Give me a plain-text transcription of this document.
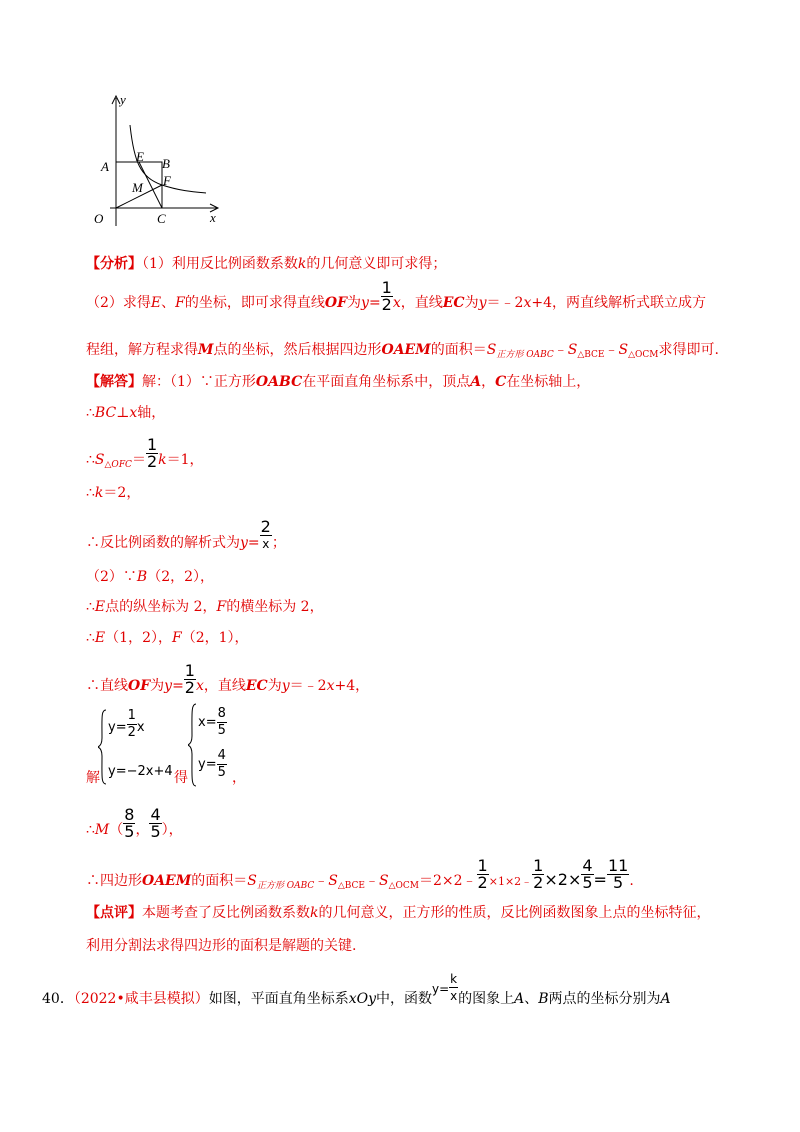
y
x
O
A
E B
M F
C
【分析】（1）利用反比例函数系数k的几何意义即可求得；
（2）求得E、F的坐标，即可求得直线OF为$y= \frac{1}{2}$ x，直线EC为y＝﹣2x+4，两直线解析式联立成方
程组，解方程求得M点的坐标，然后根据四边形OAEM的面积$=S_{正方形 OABC}﹣S_{\triangle BCE}﹣S_{\triangle OCM}$求得即可.
【解答】解：（1）∵正方形OABC在平面直角坐标系中，顶点A，C在坐标轴上，
∴BC⊥x轴，
$\therefore S_{\triangle OFC}= \frac{1}{2} k=1$，
∴k＝2，
∴反比例函数的解析式为$y= \frac{2}{x}$ ；
（2）∵B（2，2），
∴E点的纵坐标为 2，F的横坐标为 2，
∴E（1，2），F（2，1），
∴直线OF为$y= \frac{1}{2}$ x，直线EC为y＝﹣2x+4，
解
$y= \frac{1}{2}$ x
y=−2x+4 得
$x= \frac{8}{5}$
$y= \frac{4}{5}$ ，
∴M（ $\frac{8}{5}$ ， $\frac{4}{5}$ ），
∴四边形OAEM的面积$=S_{正方形 OABC}﹣S_{\triangle BCE}﹣S_{\triangle OCM}=2\times 2﹣ \frac{1}{2}$ ×1×2﹣ $\frac{1}{2} \times 2\times \frac{4}{5} = \frac{11}{5}$ .
【点评】本题考查了反比例函数系数k的几何意义，正方形的性质，反比例函数图象上点的坐标特征，
利用分割法求得四边形的面积是解题的关键.
40．（2022•咸丰县模拟）如图，平面直角坐标系xOy中，函数$y= \frac{k}{x}$ 的图象上A、B两点的坐标分别为A
